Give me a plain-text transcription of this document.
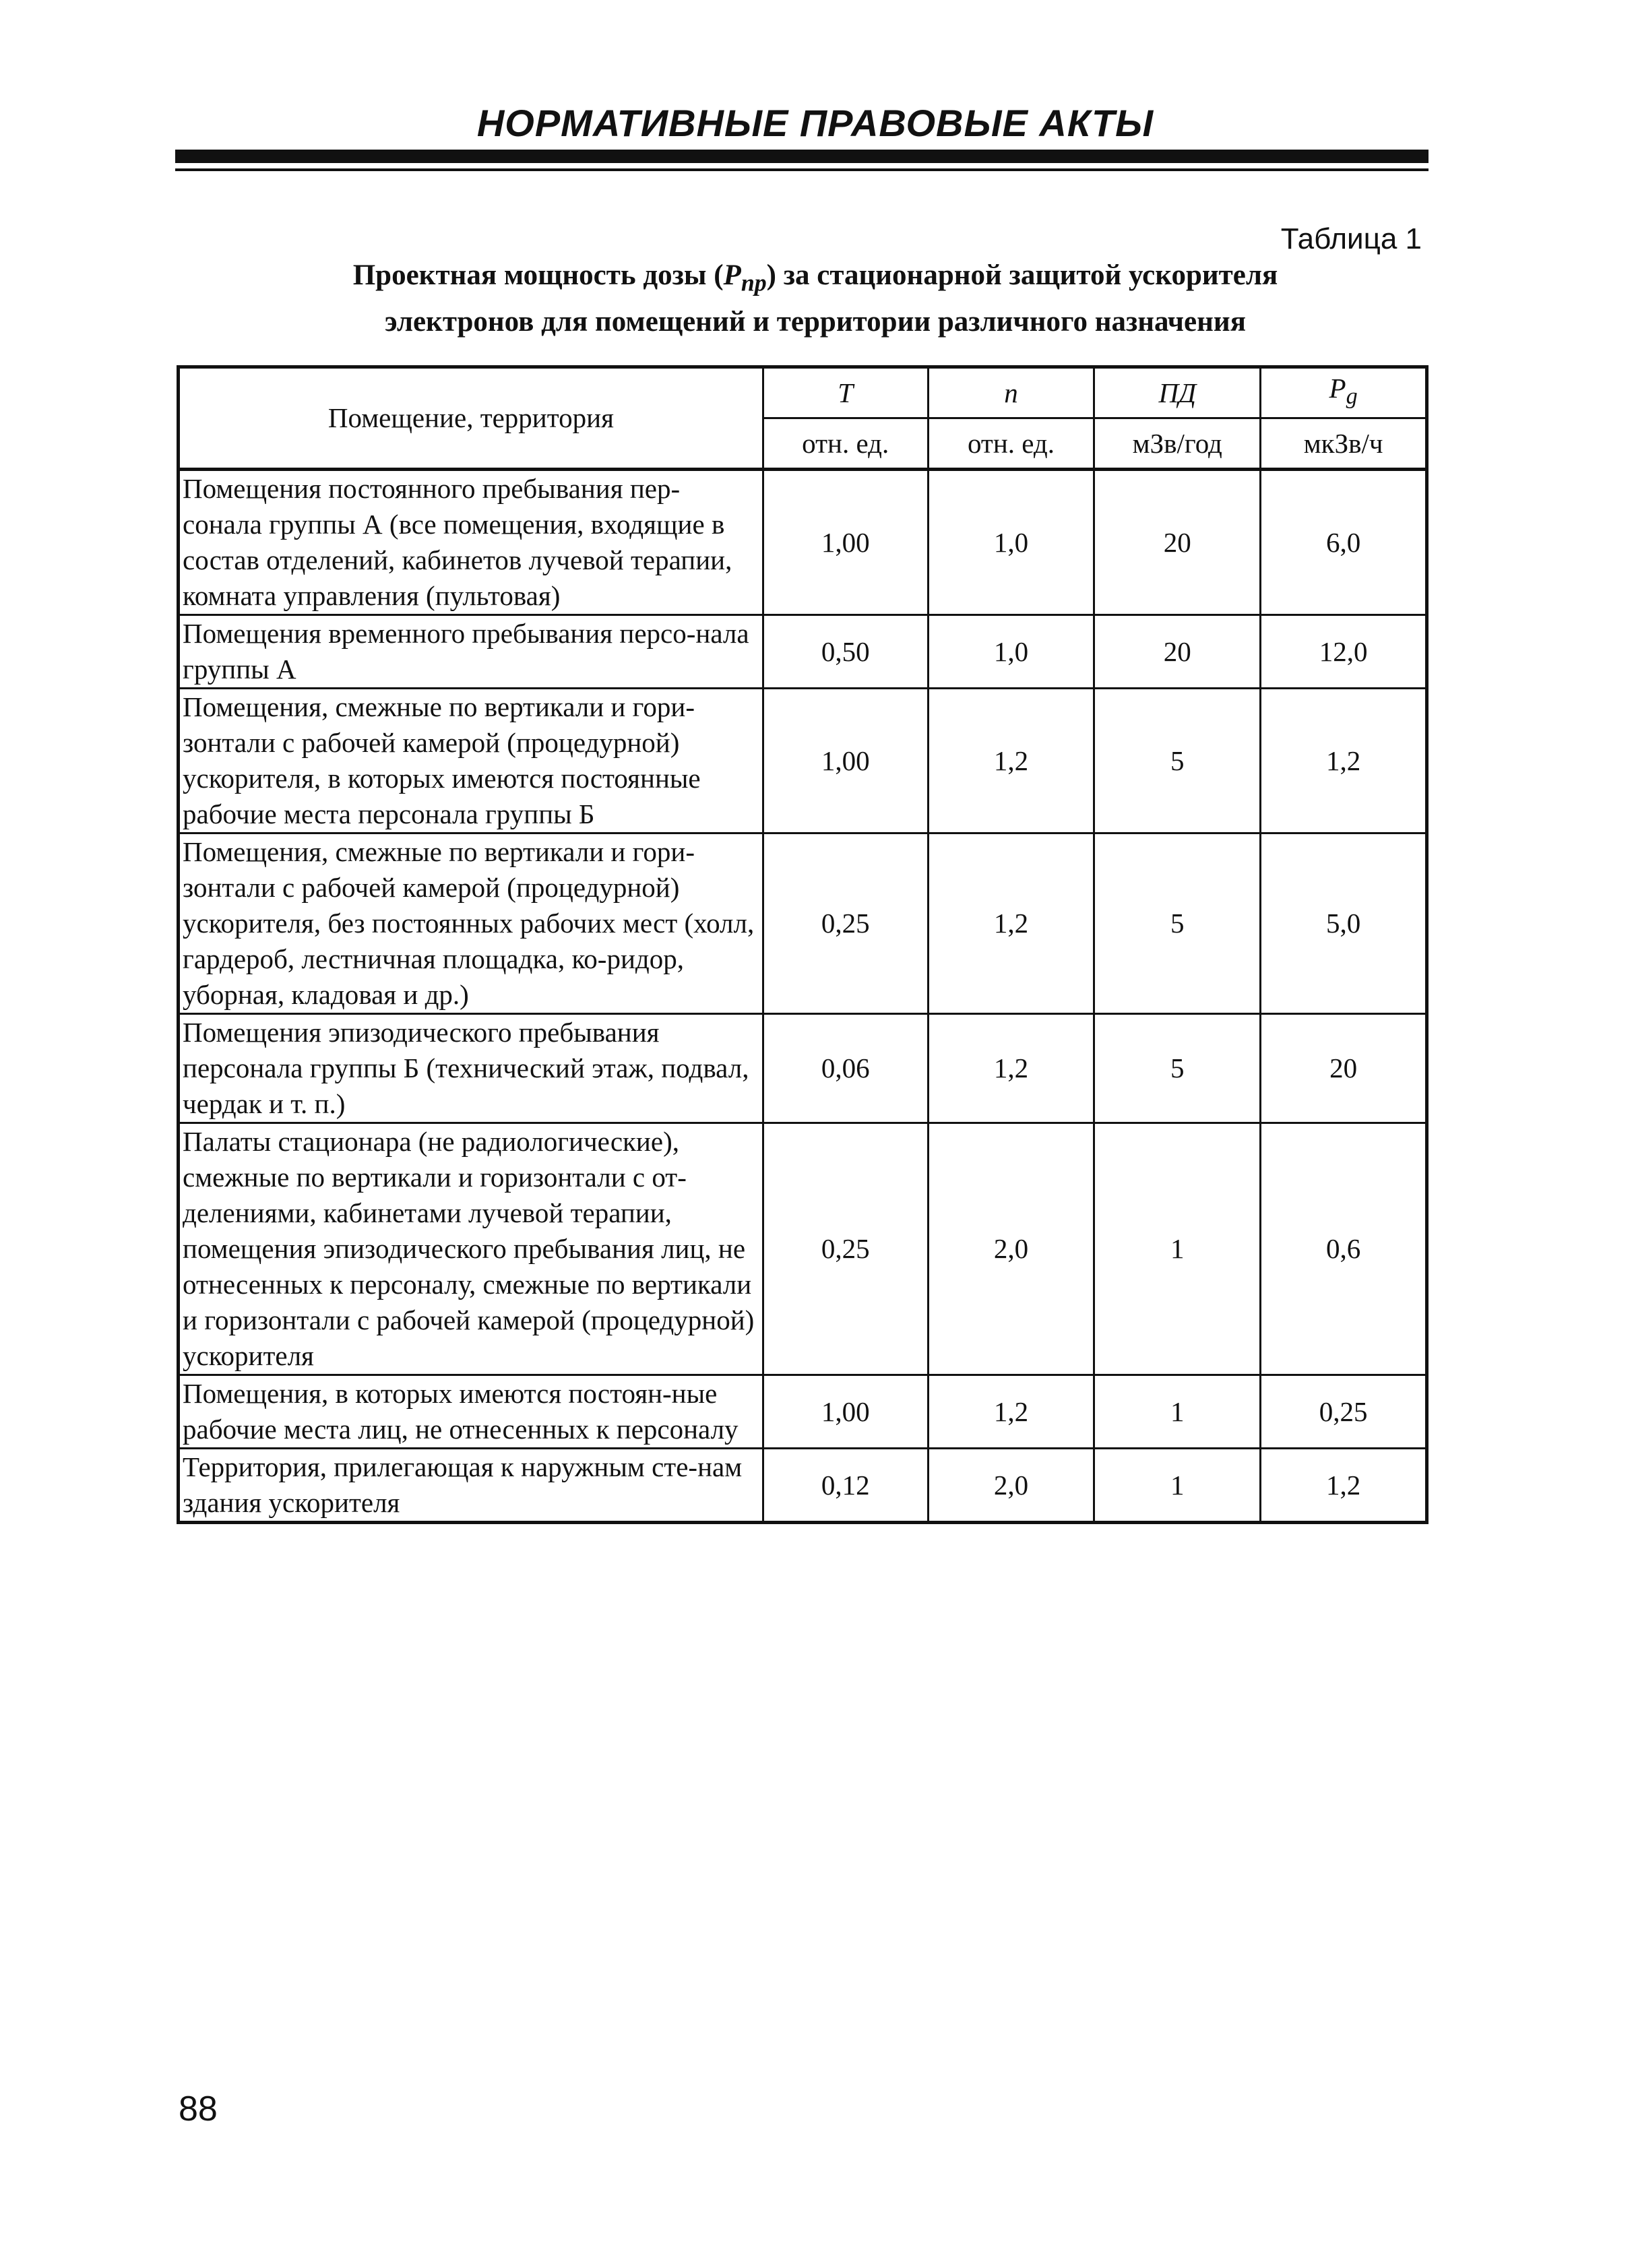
НОРМАТИВНЫЕ ПРАВОВЫЕ АКТЫ
Таблица 1
Проектная мощность дозы $(P_{пр})$ за стационарной защитой ускорителя
электронов для помещений и территории различного назначения
Помещение, территория	T	n	ПД	$P_g$
	отн. ед.	отн. ед.	мЗв/год	мкЗв/ч
Помещения постоянного пребывания пер-сонала группы А (все помещения, входящие в состав отделений, кабинетов лучевой терапии, комната управления (пультовая)	1,00	1,0	20	6,0
Помещения временного пребывания персо-нала группы А	0,50	1,0	20	12,0
Помещения, смежные по вертикали и гори-зонтали с рабочей камерой (процедурной) ускорителя, в которых имеются постоянные рабочие места персонала группы Б	1,00	1,2	5	1,2
Помещения, смежные по вертикали и гори-зонтали с рабочей камерой (процедурной) ускорителя, без постоянных рабочих мест (холл, гардероб, лестничная площадка, ко-ридор, уборная, кладовая и др.)	0,25	1,2	5	5,0
Помещения эпизодического пребывания персонала группы Б (технический этаж, подвал, чердак и т. п.)	0,06	1,2	5	20
Палаты стационара (не радиологические), смежные по вертикали и горизонтали с от-делениями, кабинетами лучевой терапии, помещения эпизодического пребывания лиц, не отнесенных к персоналу, смежные по вертикали и горизонтали с рабочей камерой (процедурной) ускорителя	0,25	2,0	1	0,6
Помещения, в которых имеются постоян-ные рабочие места лиц, не отнесенных к персоналу	1,00	1,2	1	0,25
Территория, прилегающая к наружным сте-нам здания ускорителя	0,12	2,0	1	1,2
88
